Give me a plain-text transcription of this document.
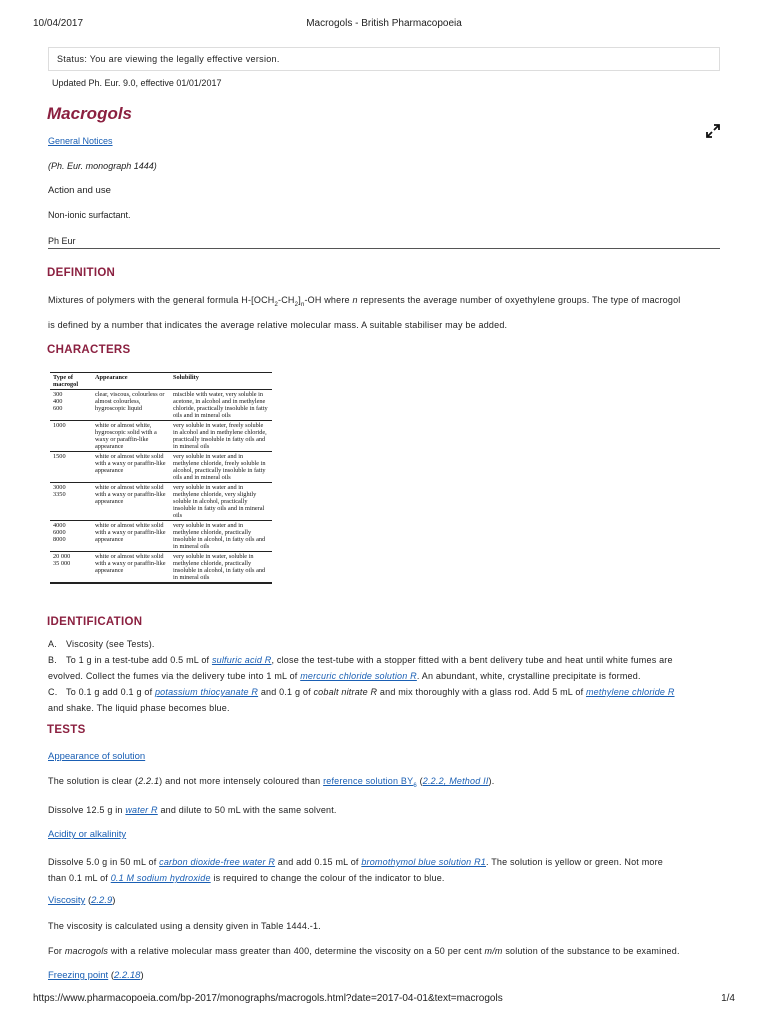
10/04/2017	Macrogols - British Pharmacopoeia
Status: You are viewing the legally effective version.
Updated Ph. Eur. 9.0, effective 01/01/2017
Macrogols
General Notices
(Ph. Eur. monograph 1444)
Action and use
Non-ionic surfactant.
Ph Eur
DEFINITION
Mixtures of polymers with the general formula $H-[OCH_2-CH_2]_n-OH$ where n represents the average number of oxyethylene groups. The type of macrogol
is defined by a number that indicates the average relative molecular mass. A suitable stabiliser may be added.
CHARACTERS
Type of macrogol	Appearance	Solubility
300
400
600	clear, viscous, colourless or almost colourless, hygroscopic liquid	miscible with water, very soluble in acetone, in alcohol and in methylene chloride, practically insoluble in fatty oils and in mineral oils
1000	white or almost white, hygroscopic solid with a waxy or paraffin-like appearance	very soluble in water, freely soluble in alcohol and in methylene chloride, practically insoluble in fatty oils and in mineral oils
1500	white or almost white solid with a waxy or paraffin-like appearance	very soluble in water and in methylene chloride, freely soluble in alcohol, practically insoluble in fatty oils and in mineral oils
3000
3350	white or almost white solid with a waxy or paraffin-like appearance	very soluble in water and in methylene chloride, very slightly soluble in alcohol, practically insoluble in fatty oils and in mineral oils
4000
6000
8000	white or almost white solid with a waxy or paraffin-like appearance	very soluble in water and in methylene chloride, practically insoluble in alcohol, in fatty oils and in mineral oils
20 000
35 000	white or almost white solid with a waxy or paraffin-like appearance	very soluble in water, soluble in methylene chloride, practically insoluble in alcohol, in fatty oils and in mineral oils
IDENTIFICATION
A. Viscosity (see Tests).
B. To 1 g in a test-tube add 0.5 mL of sulfuric acid R, close the test-tube with a stopper fitted with a bent delivery tube and heat until white fumes are
evolved. Collect the fumes via the delivery tube into 1 mL of mercuric chloride solution R. An abundant, white, crystalline precipitate is formed.
C. To 0.1 g add 0.1 g of potassium thiocyanate R and 0.1 g of cobalt nitrate R and mix thoroughly with a glass rod. Add 5 mL of methylene chloride R
and shake. The liquid phase becomes blue.
TESTS
Appearance of solution
The solution is clear (2.2.1) and not more intensely coloured than reference solution $BY_6$ (2.2.2, Method II).
Dissolve 12.5 g in water R and dilute to 50 mL with the same solvent.
Acidity or alkalinity
Dissolve 5.0 g in 50 mL of carbon dioxide-free water R and add 0.15 mL of bromothymol blue solution R1. The solution is yellow or green. Not more
than 0.1 mL of 0.1 M sodium hydroxide is required to change the colour of the indicator to blue.
Viscosity (2.2.9)
The viscosity is calculated using a density given in Table 1444.-1.
For macrogols with a relative molecular mass greater than 400, determine the viscosity on a 50 per cent m/m solution of the substance to be examined.
Freezing point (2.2.18)
https://www.pharmacopoeia.com/bp-2017/monographs/macrogols.html?date=2017-04-01&text=macrogols	1/4
